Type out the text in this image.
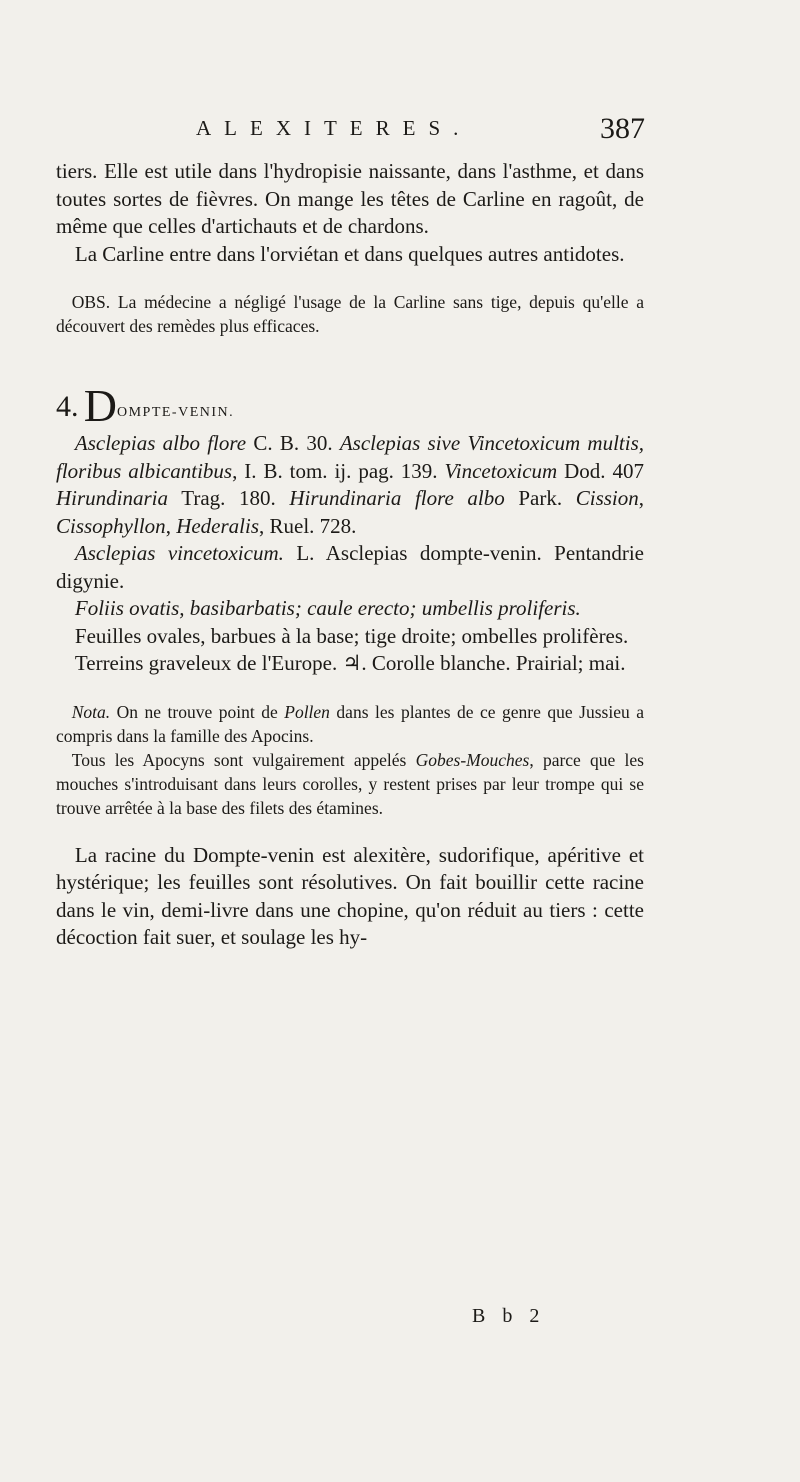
ALEXITERES.	387

tiers. Elle est utile dans l'hydropisie naissante, dans l'asthme, et dans toutes sortes de fièvres. On mange les têtes de Carline en ragoût, de même que celles d'artichauts et de chardons.

La Carline entre dans l'orviétan et dans quelques autres antidotes.

OBS. La médecine a négligé l'usage de la Carline sans tige, depuis qu'elle a découvert des remèdes plus efficaces.

4. DOMPTE-VENIN.

Asclepias albo flore C. B. 30. Asclepias sive Vincetoxicum multis, floribus albicantibus, I. B. tom. ij. pag. 139. Vincetoxicum Dod. 407 Hirundinaria Trag. 180. Hirundinaria flore albo Park. Cission, Cissophyllon, Hederalis, Ruel. 728.

Asclepias vincetoxicum. L. Asclepias dompte-venin. Pentandrie digynie.

Foliis ovatis, basibarbatis; caule erecto; umbellis proliferis.

Feuilles ovales, barbues à la base; tige droite; ombelles prolifères.

Terreins graveleux de l'Europe. ♃. Corolle blanche. Prairial; mai.

Nota. On ne trouve point de Pollen dans les plantes de ce genre que Jussieu a compris dans la famille des Apocins.

Tous les Apocyns sont vulgairement appelés Gobes-Mouches, parce que les mouches s'introduisant dans leurs corolles, y restent prises par leur trompe qui se trouve arrêtée à la base des filets des étamines.

La racine du Dompte-venin est alexitère, sudorifique, apéritive et hystérique; les feuilles sont résolutives. On fait bouillir cette racine dans le vin, demi-livre dans une chopine, qu'on réduit au tiers : cette décoction fait suer, et soulage les hy-

B b 2
